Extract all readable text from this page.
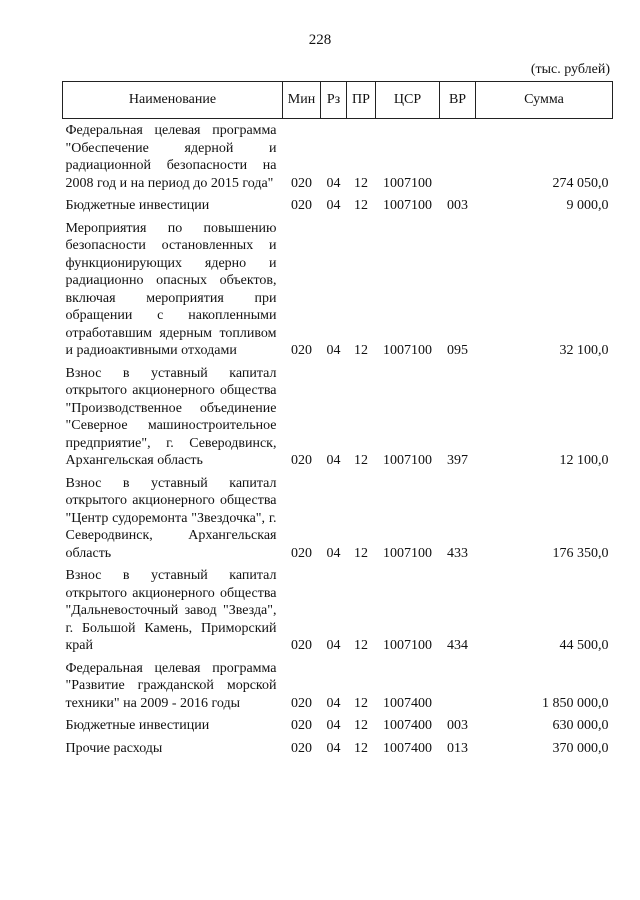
228
(тыс. рублей)
Наименование	Мин	Рз	ПР	ЦСР	ВР	Сумма
Федеральная целевая программа "Обеспечение ядерной и радиационной безопасности на 2008 год и на период до 2015 года"	020	04	12	1007100		274 050,0
Бюджетные инвестиции	020	04	12	1007100	003	9 000,0
Мероприятия по повышению безопасности остановленных и функционирующих ядерно и радиационно опасных объектов, включая мероприятия при обращении с накопленными отработавшим ядерным топливом и радиоактивными отходами	020	04	12	1007100	095	32 100,0
Взнос в уставный капитал открытого акционерного общества "Производственное объединение "Северное машиностроительное предприятие", г. Северодвинск, Архангельская область	020	04	12	1007100	397	12 100,0
Взнос в уставный капитал открытого акционерного общества "Центр судоремонта "Звездочка", г. Северодвинск, Архангельская область	020	04	12	1007100	433	176 350,0
Взнос в уставный капитал открытого акционерного общества "Дальневосточный завод "Звезда", г. Большой Камень, Приморский край	020	04	12	1007100	434	44 500,0
Федеральная целевая программа "Развитие гражданской морской техники" на 2009 - 2016 годы	020	04	12	1007400		1 850 000,0
Бюджетные инвестиции	020	04	12	1007400	003	630 000,0
Прочие расходы	020	04	12	1007400	013	370 000,0
